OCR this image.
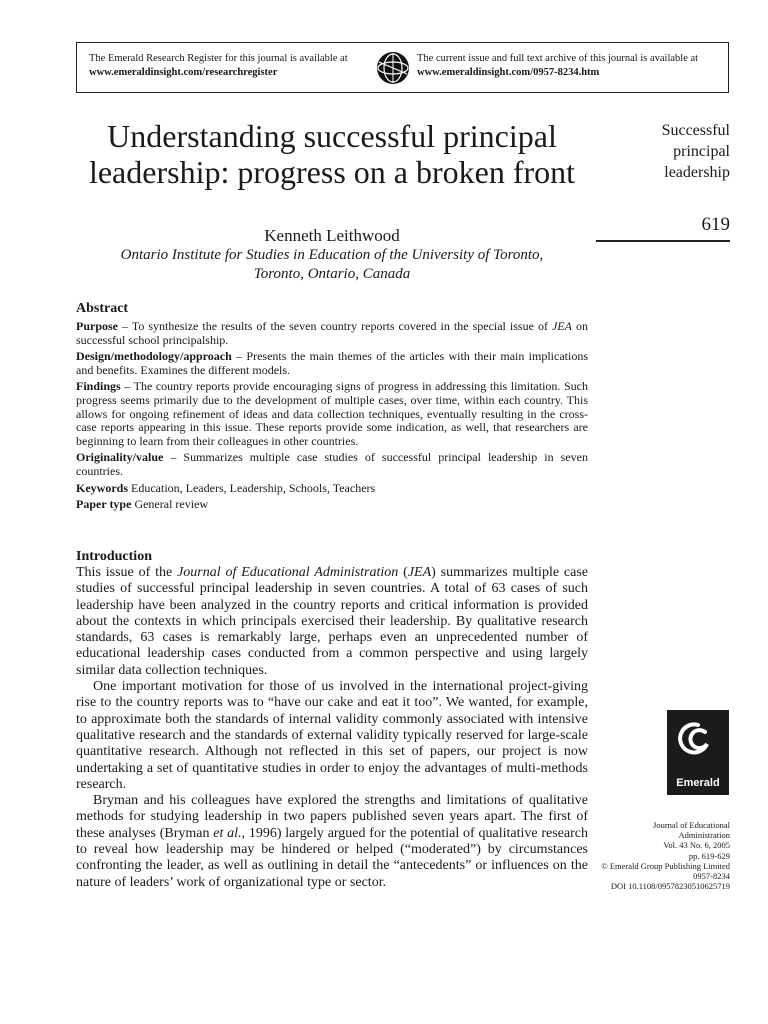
The Emerald Research Register for this journal is available at
www.emeraldinsight.com/researchregister
The current issue and full text archive of this journal is available at
www.emeraldinsight.com/0957-8234.htm
Understanding successful principal leadership: progress on a broken front
Kenneth Leithwood
Ontario Institute for Studies in Education of the University of Toronto,
Toronto, Ontario, Canada
Successful
principal
leadership
619
Abstract

Purpose – To synthesize the results of the seven country reports covered in the special issue of JEA on successful school principalship.

Design/methodology/approach – Presents the main themes of the articles with their main implications and benefits. Examines the different models.

Findings – The country reports provide encouraging signs of progress in addressing this limitation. Such progress seems primarily due to the development of multiple cases, over time, within each country. This allows for ongoing refinement of ideas and data collection techniques, eventually resulting in the cross-case reports appearing in this issue. These reports provide some indication, as well, that researchers are beginning to learn from their colleagues in other countries.

Originality/value – Summarizes multiple case studies of successful principal leadership in seven countries.

Keywords Education, Leaders, Leadership, Schools, Teachers

Paper type General review

Introduction

This issue of the Journal of Educational Administration (JEA) summarizes multiple case studies of successful principal leadership in seven countries. A total of 63 cases of such leadership have been analyzed in the country reports and critical information is provided about the contexts in which principals exercised their leadership. By qualitative research standards, 63 cases is remarkably large, perhaps even an unprecedented number of educational leadership cases conducted from a common perspective and using largely similar data collection techniques.

One important motivation for those of us involved in the international project-giving rise to the country reports was to “have our cake and eat it too”. We wanted, for example, to approximate both the standards of internal validity commonly associated with intensive qualitative research and the standards of external validity typically reserved for large-scale quantitative research. Although not reflected in this set of papers, our project is now undertaking a set of quantitative studies in order to enjoy the advantages of multi-methods research.

Bryman and his colleagues have explored the strengths and limitations of qualitative methods for studying leadership in two papers published seven years apart. The first of these analyses (Bryman et al., 1996) largely argued for the potential of qualitative research to reveal how leadership may be hindered or helped (“moderated”) by circumstances confronting the leader, as well as outlining in detail the “antecedents” or influences on the nature of leaders’ work of organizational type or sector.

Emerald
Journal of Educational
Administration
Vol. 43 No. 6, 2005
pp. 619-629
© Emerald Group Publishing Limited
0957-8234
DOI 10.1108/09578230510625719
